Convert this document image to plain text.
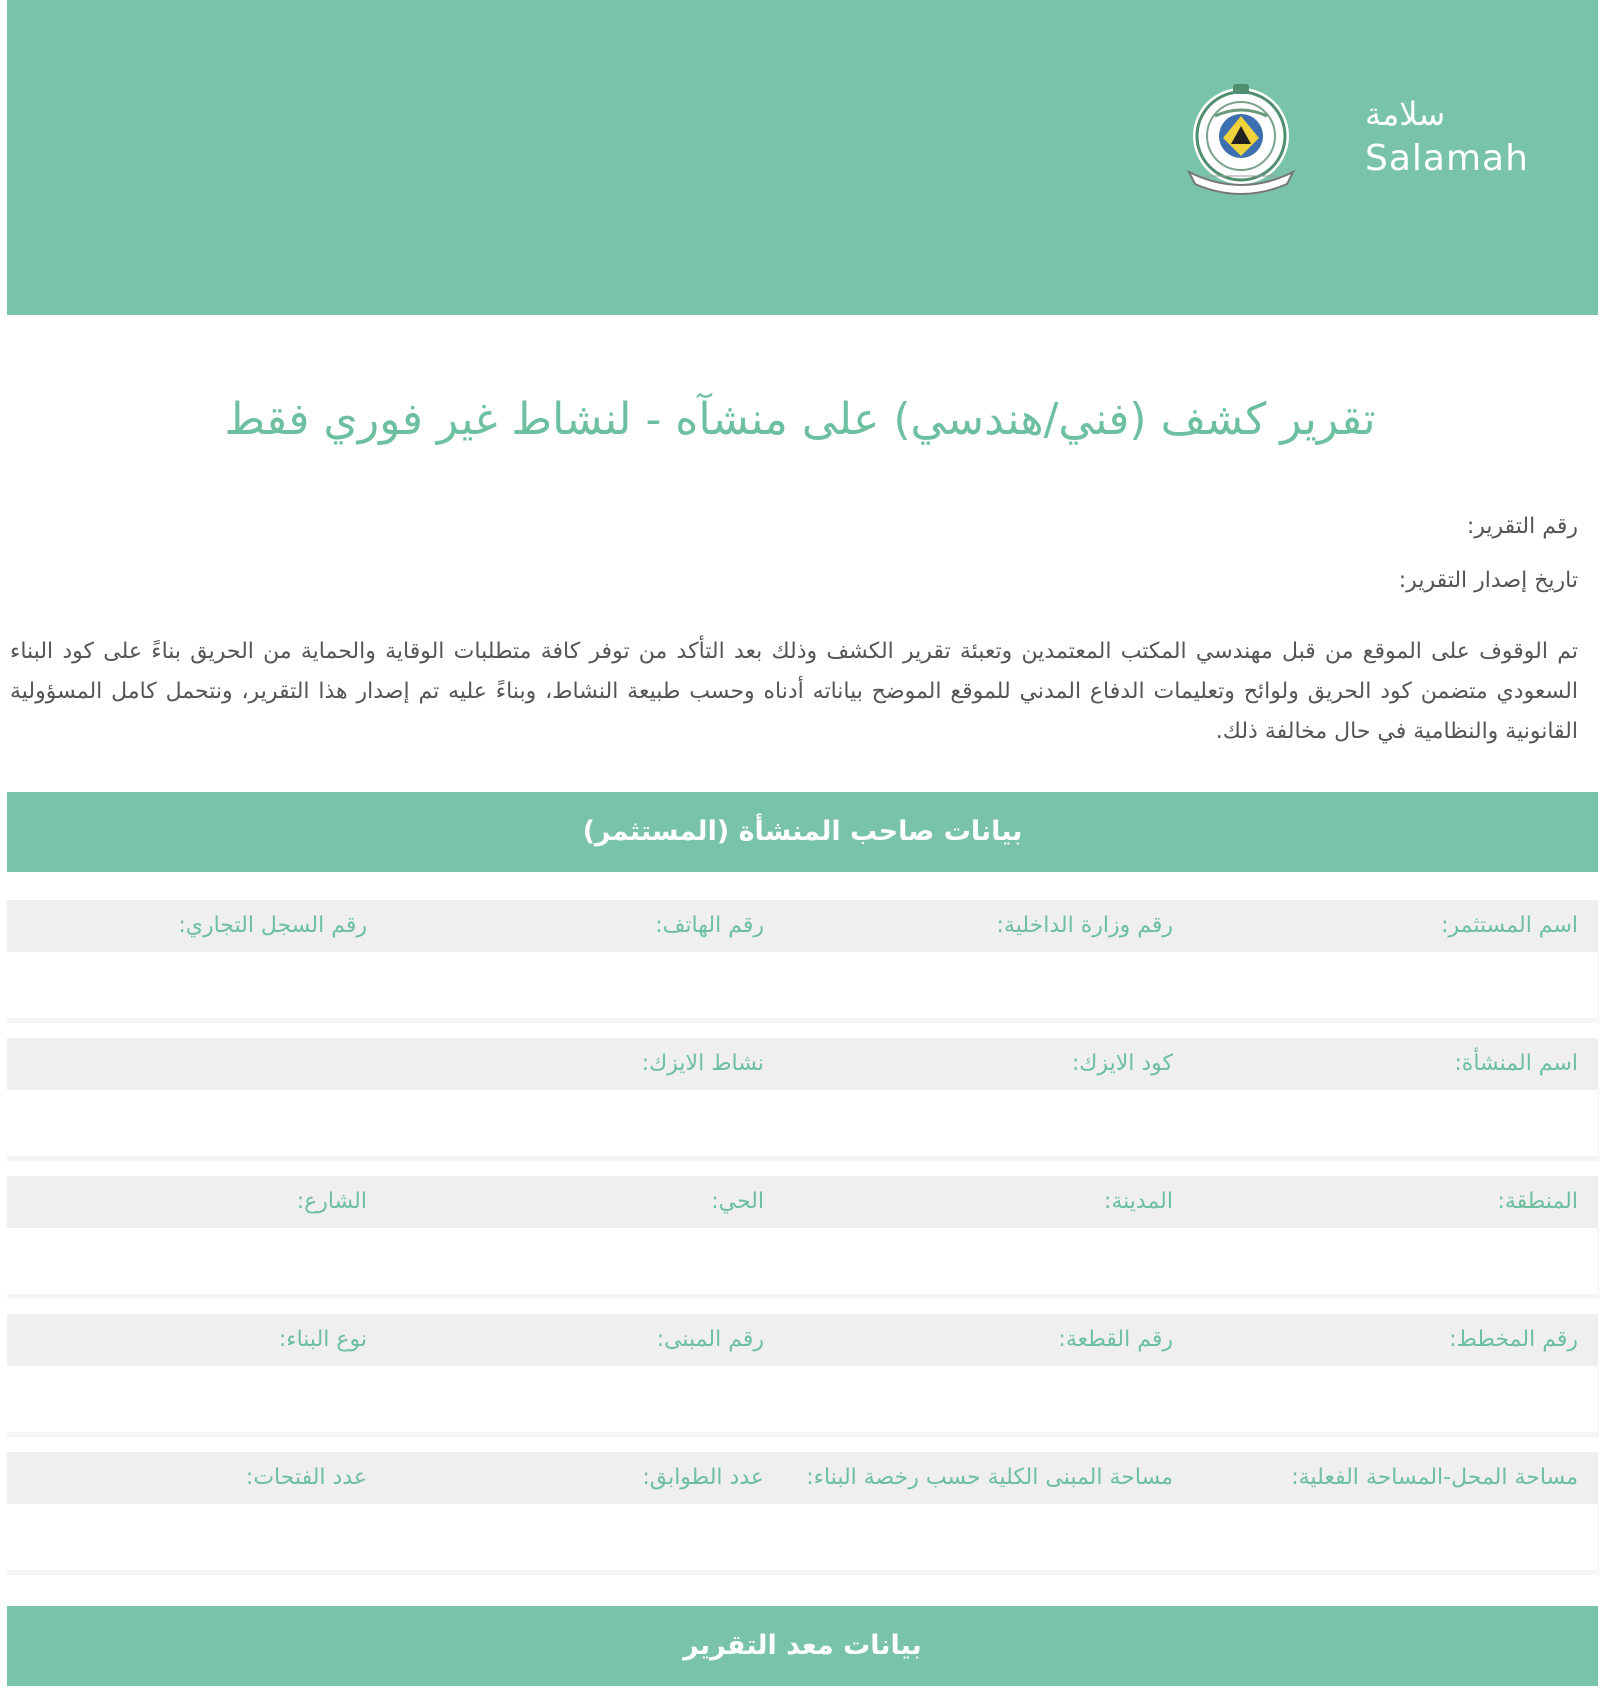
سلامة
Salamah
تقرير كشف (فني/هندسي) على منشآه - لنشاط غير فوري فقط
رقم التقرير:
تاريخ إصدار التقرير:
تم الوقوف على الموقع من قبل مهندسي المكتب المعتمدين وتعبئة تقرير الكشف وذلك بعد التأكد من توفر كافة متطلبات الوقاية والحماية من الحريق بناءً على كود البناء السعودي متضمن كود الحريق ولوائح وتعليمات الدفاع المدني للموقع الموضح بياناته أدناه وحسب طبيعة النشاط، وبناءً عليه تم إصدار هذا التقرير، ونتحمل كامل المسؤولية القانونية والنظامية في حال مخالفة ذلك.
بيانات صاحب المنشأة (المستثمر)
اسم المستثمر:
رقم وزارة الداخلية:
رقم الهاتف:
رقم السجل التجاري:
اسم المنشأة:
كود الايزك:
نشاط الايزك:
المنطقة:
المدينة:
الحي:
الشارع:
رقم المخطط:
رقم القطعة:
رقم المبنى:
نوع البناء:
مساحة المحل-المساحة الفعلية:
مساحة المبنى الكلية حسب رخصة البناء:
عدد الطوابق:
عدد الفتحات:
بيانات معد التقرير
